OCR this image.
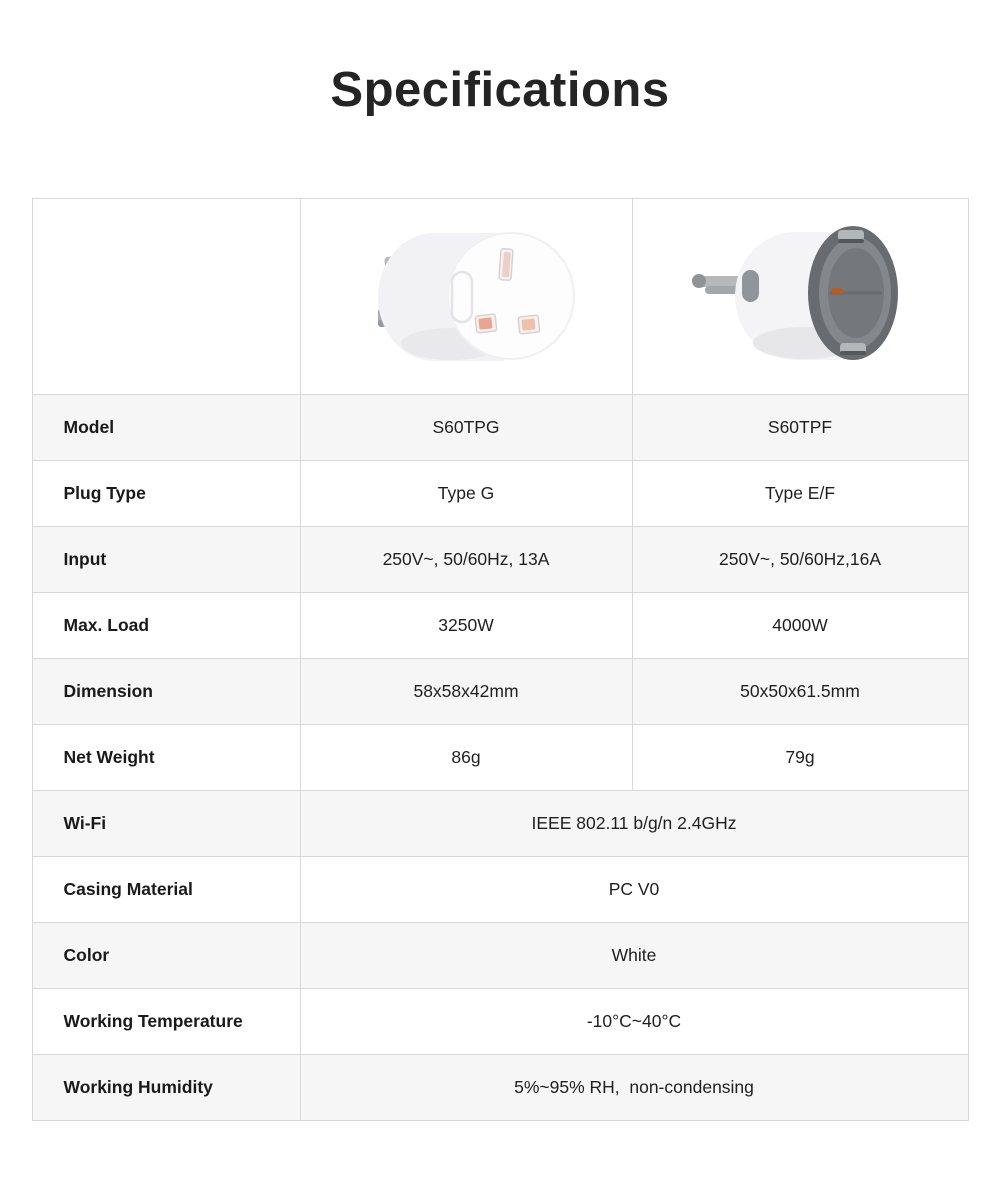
Specifications

Model	S60TPG	S60TPF
Plug Type	Type G	Type E/F
Input	250V~, 50/60Hz, 13A	250V~, 50/60Hz,16A
Max. Load	3250W	4000W
Dimension	58x58x42mm	50x50x61.5mm
Net Weight	86g	79g
Wi-Fi	IEEE 802.11 b/g/n 2.4GHz	
Casing Material	PC V0	
Color	White	
Working Temperature	-10°C~40°C	
Working Humidity	5%~95% RH,  non-condensing	
